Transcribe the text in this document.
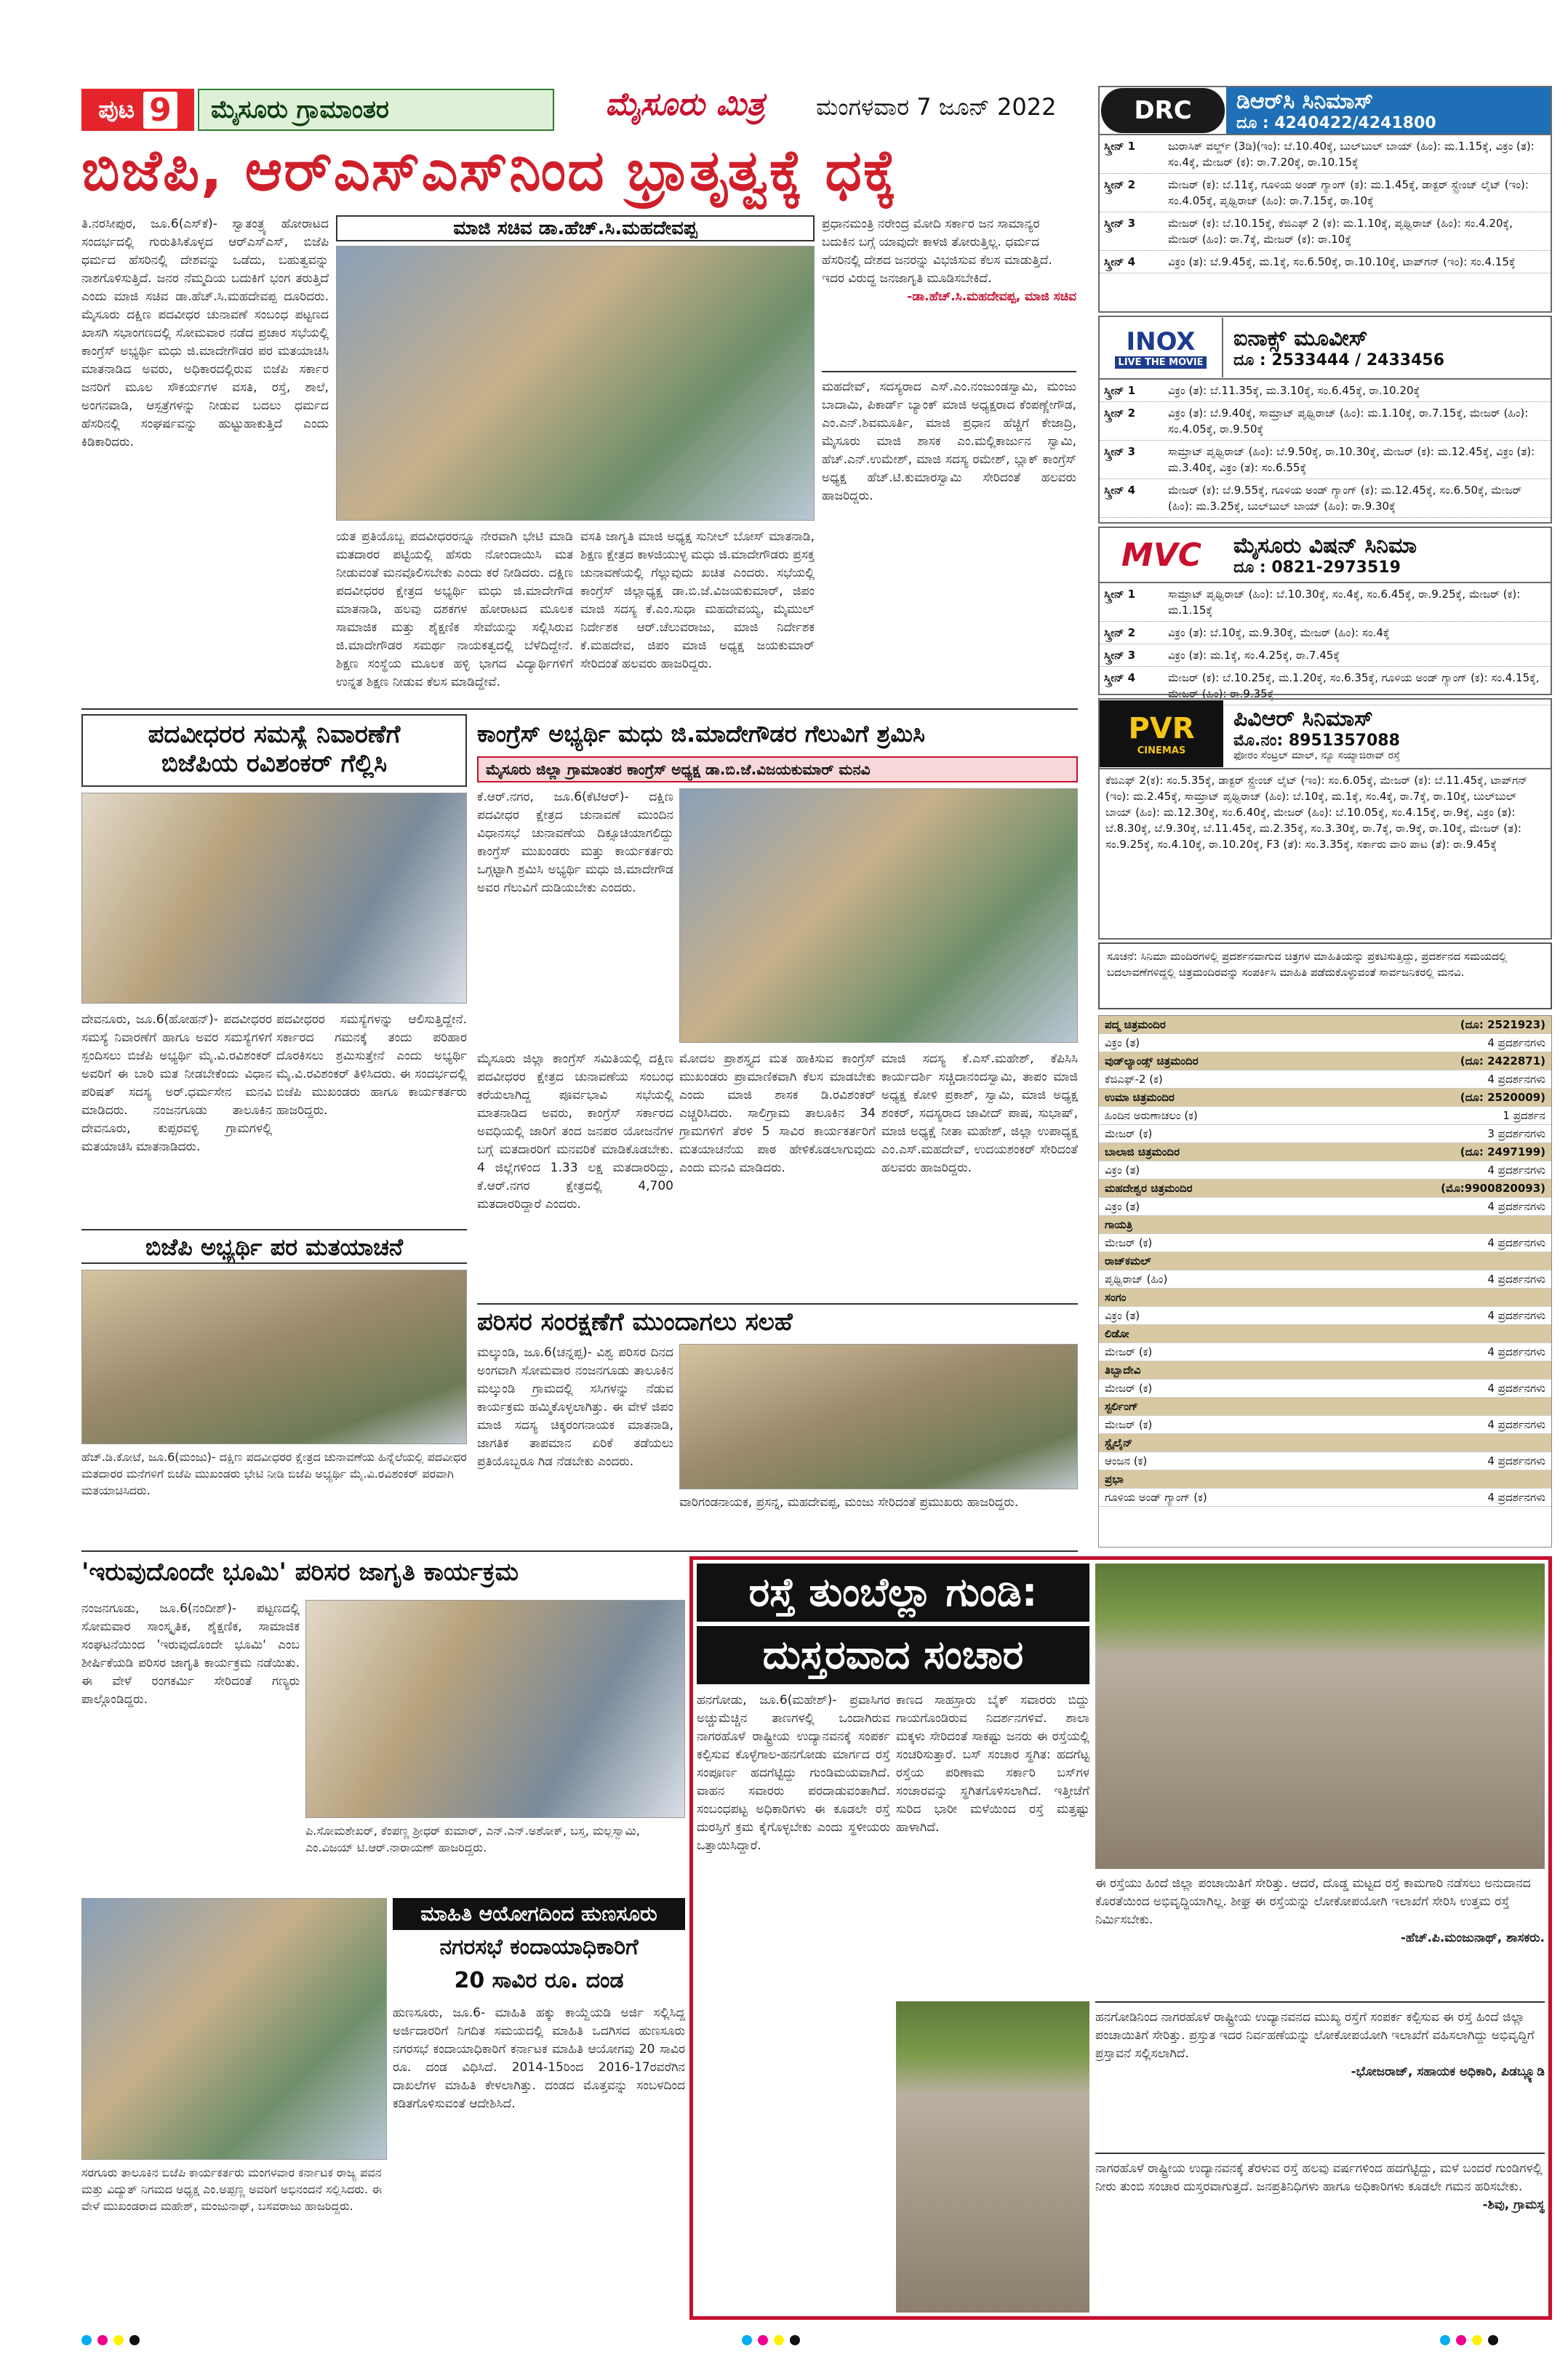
ಪುಟ 9	ಮೈಸೂರು ಗ್ರಾಮಾಂತರ	ಮೈಸೂರು ಮಿತ್ರ ಮಂಗಳವಾರ 7 ಜೂನ್ 2022
ಬಿಜೆಪಿ, ಆರ್‌ಎಸ್‌ಎಸ್‌ನಿಂದ ಭ್ರಾತೃತ್ವಕ್ಕೆ ಧಕ್ಕೆ
ಮಾಜಿ ಸಚಿವ ಡಾ.ಹೆಚ್.ಸಿ.ಮಹದೇವಪ್ಪ
ತಿ.ನರಸೀಪುರ, ಜೂ.6(ಎಸ್‌ಕೆ)- ಸ್ವಾತಂತ್ರ್ಯ ಹೋರಾಟದ ಸಂದರ್ಭದಲ್ಲಿ ಗುರುತಿಸಿಕೊಳ್ಳದ ಆರ್‌ಎಸ್‌ಎಸ್, ಬಿಜೆಪಿ ಧರ್ಮದ ಹೆಸರಿನಲ್ಲಿ ದೇಶವನ್ನು ಒಡೆದು, ಬಹುತ್ವವನ್ನು ನಾಶಗೊಳಿಸುತ್ತಿದೆ. ಜನರ ನೆಮ್ಮದಿಯ ಬದುಕಿಗೆ ಭಂಗ ತರುತ್ತಿದೆ ಎಂದು ಮಾಜಿ ಸಚಿವ ಡಾ.ಹೆಚ್.ಸಿ.ಮಹದೇವಪ್ಪ ದೂರಿದರು. ಮೈಸೂರು ದಕ್ಷಿಣ ಪದವೀಧರ ಚುನಾವಣೆ ಸಂಬಂಧ ಪಟ್ಟಣದ ಖಾಸಗಿ ಸಭಾಂಗಣದಲ್ಲಿ ಸೋಮವಾರ ನಡೆದ ಪ್ರಚಾರ ಸಭೆಯಲ್ಲಿ ಕಾಂಗ್ರೆಸ್ ಅಭ್ಯರ್ಥಿ ಮಧು ಜಿ.ಮಾದೇಗೌಡರ ಪರ ಮತಯಾಚಿಸಿ ಮಾತನಾಡಿದ ಅವರು, ಅಧಿಕಾರದಲ್ಲಿರುವ ಬಿಜೆಪಿ ಸರ್ಕಾರ ಜನರಿಗೆ ಮೂಲ ಸೌಕರ್ಯಗಳ ವಸತಿ, ರಸ್ತೆ, ಶಾಲೆ, ಅಂಗನವಾಡಿ, ಆಸ್ಪತ್ರೆಗಳನ್ನು ನೀಡುವ ಬದಲು ಧರ್ಮದ ಹೆಸರಿನಲ್ಲಿ ಸಂಘರ್ಷವನ್ನು ಹುಟ್ಟುಹಾಕುತ್ತಿದೆ ಎಂದು ಕಿಡಿಕಾರಿದರು.
ಯತ ಪ್ರತಿಯೊಬ್ಬ ಪದವೀಧರರನ್ನೂ ನೇರವಾಗಿ ಭೇಟಿ ಮಾಡಿ ಮತದಾರರ ಪಟ್ಟಿಯಲ್ಲಿ ಹೆಸರು ನೋಂದಾಯಿಸಿ ಮತ ನೀಡುವಂತೆ ಮನವೊಲಿಸಬೇಕು ಎಂದು ಕರೆ ನೀಡಿದರು. ದಕ್ಷಿಣ ಪದವೀಧರರ ಕ್ಷೇತ್ರದ ಅಭ್ಯರ್ಥಿ ಮಧು ಜಿ.ಮಾದೇಗೌಡ ಮಾತನಾಡಿ, ಹಲವು ದಶಕಗಳ ಹೋರಾಟದ ಮೂಲಕ ಸಾಮಾಜಿಕ ಮತ್ತು ಶೈಕ್ಷಣಿಕ ಸೇವೆಯನ್ನು ಸಲ್ಲಿಸಿರುವ ಜಿ.ಮಾದೇಗೌಡರ ಸಮರ್ಥ ನಾಯಕತ್ವದಲ್ಲಿ ಬೆಳೆದಿದ್ದೇನೆ. ಶಿಕ್ಷಣ ಸಂಸ್ಥೆಯ ಮೂಲಕ ಹಳ್ಳಿ ಭಾಗದ ವಿದ್ಯಾರ್ಥಿಗಳಿಗೆ ಉನ್ನತ ಶಿಕ್ಷಣ ನೀಡುವ ಕೆಲಸ ಮಾಡಿದ್ದೇವೆ.
ವಸತಿ ಜಾಗೃತಿ ಮಾಜಿ ಅಧ್ಯಕ್ಷ ಸುನೀಲ್ ಬೋಸ್ ಮಾತನಾಡಿ, ಶಿಕ್ಷಣ ಕ್ಷೇತ್ರದ ಕಾಳಜಿಯುಳ್ಳ ಮಧು ಜಿ.ಮಾದೇಗೌಡರು ಪ್ರಸಕ್ತ ಚುನಾವಣೆಯಲ್ಲಿ ಗೆಲ್ಲುವುದು ಖಚಿತ ಎಂದರು. ಸಭೆಯಲ್ಲಿ ಕಾಂಗ್ರೆಸ್ ಜಿಲ್ಲಾಧ್ಯಕ್ಷ ಡಾ.ಬಿ.ಜೆ.ವಿಜಯಕುಮಾರ್, ಜಿಪಂ ಮಾಜಿ ಸದಸ್ಯ ಕೆ.ಎಂ.ಸುಧಾ ಮಹದೇವಯ್ಯ, ಮೈಮುಲ್ ನಿರ್ದೇಶಕ ಆರ್.ಚೆಲುವರಾಜು, ಮಾಜಿ ನಿರ್ದೇಶಕ ಕೆ.ಮಹದೇವ, ಜಿಪಂ ಮಾಜಿ ಅಧ್ಯಕ್ಷ ಜಯಕುಮಾರ್ ಸೇರಿದಂತೆ ಹಲವರು ಹಾಜರಿದ್ದರು.
ಪ್ರಧಾನಮಂತ್ರಿ ನರೇಂದ್ರ ಮೋದಿ ಸರ್ಕಾರ ಜನ ಸಾಮಾನ್ಯರ ಬದುಕಿನ ಬಗ್ಗೆ ಯಾವುದೇ ಕಾಳಜಿ ತೋರುತ್ತಿಲ್ಲ. ಧರ್ಮದ ಹೆಸರಿನಲ್ಲಿ ದೇಶದ ಜನರನ್ನು ವಿಭಜಿಸುವ ಕೆಲಸ ಮಾಡುತ್ತಿದೆ. ಇದರ ವಿರುದ್ಧ ಜನಜಾಗೃತಿ ಮೂಡಿಸಬೇಕಿದೆ.
-ಡಾ.ಹೆಚ್.ಸಿ.ಮಹದೇವಪ್ಪ, ಮಾಜಿ ಸಚಿವ
ಮಹದೇವ್, ಸದಸ್ಯರಾದ ಎಸ್.ಎಂ.ನಂಜುಂಡಸ್ವಾಮಿ, ಮಂಜು ಬಾದಾಮಿ, ಪಿಕಾರ್ಡ್ ಬ್ಯಾಂಕ್ ಮಾಜಿ ಅಧ್ಯಕ್ಷರಾದ ಕೆಂಪಣ್ಣೇಗೌಡ, ಎಂ.ಎನ್.ಶಿವಮೂರ್ತಿ, ಮಾಜಿ ಪ್ರಧಾನ ಹೆಚ್ಚಿಗೆ ಕೇಜಾದ್ರಿ, ಮೈಸೂರು ಮಾಜಿ ಶಾಸಕ ಎಂ.ಮಲ್ಲಿಕಾರ್ಜುನ ಸ್ವಾಮಿ, ಹೆಚ್.ಎನ್.ಉಮೇಶ್, ಮಾಜಿ ಸದಸ್ಯ ರಮೇಶ್, ಬ್ಲಾಕ್ ಕಾಂಗ್ರೆಸ್ ಅಧ್ಯಕ್ಷ ಹೆಚ್.ಟಿ.ಕುಮಾರಸ್ವಾಮಿ ಸೇರಿದಂತೆ ಹಲವರು ಹಾಜರಿದ್ದರು.
ಪದವೀಧರರ ಸಮಸ್ಯೆ ನಿವಾರಣೆಗೆ
ಬಿಜೆಪಿಯ ರವಿಶಂಕರ್ ಗೆಲ್ಲಿಸಿ
ದೇವನೂರು, ಜೂ.6(ಹೋಹನ್)- ಪದವೀಧರರ ಸಮಸ್ಯೆ ನಿವಾರಣೆಗೆ ಹಾಗೂ ಅವರ ಸಮಸ್ಯೆಗಳಿಗೆ ಸ್ಪಂದಿಸಲು ಬಿಜೆಪಿ ಅಭ್ಯರ್ಥಿ ಮೈ.ವಿ.ರವಿಶಂಕರ್ ಅವರಿಗೆ ಈ ಬಾರಿ ಮತ ನೀಡಬೇಕೆಂದು ವಿಧಾನ ಪರಿಷತ್ ಸದಸ್ಯ ಅರ್.ಧರ್ಮಸೇನ ಮನವಿ ಮಾಡಿದರು. ನಂಜನಗೂಡು ತಾಲೂಕಿನ ದೇವನೂರು, ಕುಪ್ಪರವಳ್ಳಿ ಗ್ರಾಮಗಳಲ್ಲಿ ಮತಯಾಚಿಸಿ ಮಾತನಾಡಿದರು.
ಪದವೀಧರರ ಸಮಸ್ಯೆಗಳನ್ನು ಆಲಿಸುತ್ತಿದ್ದೇನೆ. ಸರ್ಕಾರದ ಗಮನಕ್ಕೆ ತಂದು ಪರಿಹಾರ ದೊರಕಿಸಲು ಶ್ರಮಿಸುತ್ತೇನೆ ಎಂದು ಅಭ್ಯರ್ಥಿ ಮೈ.ವಿ.ರವಿಶಂಕರ್ ತಿಳಿಸಿದರು. ಈ ಸಂದರ್ಭದಲ್ಲಿ ಬಿಜೆಪಿ ಮುಖಂಡರು ಹಾಗೂ ಕಾರ್ಯಕರ್ತರು ಹಾಜರಿದ್ದರು.
ಬಿಜೆಪಿ ಅಭ್ಯರ್ಥಿ ಪರ ಮತಯಾಚನೆ
ಹೆಚ್.ಡಿ.ಕೋಟೆ, ಜೂ.6(ಮಂಜು)- ದಕ್ಷಿಣ ಪದವೀಧರರ ಕ್ಷೇತ್ರದ ಚುನಾವಣೆಯ ಹಿನ್ನೆಲೆಯಲ್ಲಿ ಪದವೀಧರ ಮತದಾರರ ಮನೆಗಳಿಗೆ ಬಿಜೆಪಿ ಮುಖಂಡರು ಭೇಟಿ ನೀಡಿ ಬಿಜೆಪಿ ಅಭ್ಯರ್ಥಿ ಮೈ.ವಿ.ರವಿಶಂಕರ್ ಪರವಾಗಿ ಮತಯಾಚಿಸಿದರು.
ಕಾಂಗ್ರೆಸ್ ಅಭ್ಯರ್ಥಿ ಮಧು ಜಿ.ಮಾದೇಗೌಡರ ಗೆಲುವಿಗೆ ಶ್ರಮಿಸಿ
ಮೈಸೂರು ಜಿಲ್ಲಾ ಗ್ರಾಮಾಂತರ ಕಾಂಗ್ರೆಸ್ ಅಧ್ಯಕ್ಷ ಡಾ.ಬಿ.ಜೆ.ವಿಜಯಕುಮಾರ್ ಮನವಿ
ಕೆ.ಆರ್.ನಗರ, ಜೂ.6(ಕೆಟಿಆರ್)- ದಕ್ಷಿಣ ಪದವೀಧರ ಕ್ಷೇತ್ರದ ಚುನಾವಣೆ ಮುಂದಿನ ವಿಧಾನಸಭೆ ಚುನಾವಣೆಯ ದಿಕ್ಸೂಚಿಯಾಗಲಿದ್ದು ಕಾಂಗ್ರೆಸ್ ಮುಖಂಡರು ಮತ್ತು ಕಾರ್ಯಕರ್ತರು ಒಗ್ಗಟ್ಟಾಗಿ ಶ್ರಮಿಸಿ ಅಭ್ಯರ್ಥಿ ಮಧು ಜಿ.ಮಾದೇಗೌಡ ಅವರ ಗೆಲುವಿಗೆ ದುಡಿಯಬೇಕು ಎಂದರು.
ಮೈಸೂರು ಜಿಲ್ಲಾ ಕಾಂಗ್ರೆಸ್ ಸಮಿತಿಯಲ್ಲಿ ದಕ್ಷಿಣ ಪದವೀಧರರ ಕ್ಷೇತ್ರದ ಚುನಾವಣೆಯ ಸಂಬಂಧ ಕರೆಯಲಾಗಿದ್ದ ಪೂರ್ವಭಾವಿ ಸಭೆಯಲ್ಲಿ ಮಾತನಾಡಿದ ಅವರು, ಕಾಂಗ್ರೆಸ್ ಸರ್ಕಾರದ ಅವಧಿಯಲ್ಲಿ ಜಾರಿಗೆ ತಂದ ಜನಪರ ಯೋಜನೆಗಳ ಬಗ್ಗೆ ಮತದಾರರಿಗೆ ಮನವರಿಕೆ ಮಾಡಿಕೊಡಬೇಕು. 4 ಜಿಲ್ಲೆಗಳಿಂದ 1.33 ಲಕ್ಷ ಮತದಾರರಿದ್ದು, ಕೆ.ಆರ್.ನಗರ ಕ್ಷೇತ್ರದಲ್ಲಿ 4,700 ಮತದಾರರಿದ್ದಾರೆ ಎಂದರು.
ಮೋದಲ ಪ್ರಾಶಸ್ತ್ಯದ ಮತ ಹಾಕಿಸುವ ಕಾಂಗ್ರೆಸ್ ಮುಖಂಡರು ಪ್ರಾಮಾಣಿಕವಾಗಿ ಕೆಲಸ ಮಾಡಬೇಕು ಎಂದು ಮಾಜಿ ಶಾಸಕ ಡಿ.ರವಿಶಂಕರ್ ಎಚ್ಚರಿಸಿದರು. ಸಾಲಿಗ್ರಾಮ ತಾಲೂಕಿನ 34 ಗ್ರಾಮಗಳಿಗೆ ತೆರಳಿ 5 ಸಾವಿರ ಕಾರ್ಯಕರ್ತರಿಗೆ ಮತಯಾಚನೆಯ ಪಾಠ ಹೇಳಿಕೊಡಲಾಗುವುದು ಎಂದು ಮನವಿ ಮಾಡಿದರು.
ಮಾಜಿ ಸದಸ್ಯ ಕೆ.ಎಸ್.ಮಹೇಶ್, ಕೆಪಿಸಿಸಿ ಕಾರ್ಯದರ್ಶಿ ಸಚ್ಚಿದಾನಂದಸ್ವಾಮಿ, ತಾಪಂ ಮಾಜಿ ಅಧ್ಯಕ್ಷ ಕೋಳಿ ಪ್ರಕಾಶ್, ಸ್ವಾಮಿ, ಮಾಜಿ ಅಧ್ಯಕ್ಷ ಶಂಕರ್, ಸದಸ್ಯರಾದ ಜಾವೀದ್ ಪಾಷ, ಸುಭಾಷ್, ಮಾಜಿ ಅಧ್ಯಕ್ಷೆ ನೀತಾ ಮಹೇಶ್, ಜಿಲ್ಲಾ ಉಪಾಧ್ಯಕ್ಷ ಎಂ.ಎಸ್.ಮಹದೇವ್, ಉದಯಶಂಕರ್ ಸೇರಿದಂತೆ ಹಲವರು ಹಾಜರಿದ್ದರು.
ಪರಿಸರ ಸಂರಕ್ಷಣೆಗೆ ಮುಂದಾಗಲು ಸಲಹೆ
ಮಲ್ಕುಂಡಿ, ಜೂ.6(ಚನ್ನಪ್ಪ)- ವಿಶ್ವ ಪರಿಸರ ದಿನದ ಅಂಗವಾಗಿ ಸೋಮವಾರ ನಂಜನಗೂಡು ತಾಲೂಕಿನ ಮಲ್ಕುಂಡಿ ಗ್ರಾಮದಲ್ಲಿ ಸಸಿಗಳನ್ನು ನೆಡುವ ಕಾರ್ಯಕ್ರಮ ಹಮ್ಮಿಕೊಳ್ಳಲಾಗಿತ್ತು. ಈ ವೇಳೆ ಜಿಪಂ ಮಾಜಿ ಸದಸ್ಯ ಚಿಕ್ಕರಂಗನಾಯಕ ಮಾತನಾಡಿ, ಜಾಗತಿಕ ತಾಪಮಾನ ಏರಿಕೆ ತಡೆಯಲು ಪ್ರತಿಯೊಬ್ಬರೂ ಗಿಡ ನೆಡಬೇಕು ಎಂದರು.
ವಾರಿಗಂಡನಾಯಕ, ಪ್ರಸನ್ನ, ಮಹದೇವಪ್ಪ, ಮಂಜು ಸೇರಿದಂತೆ ಪ್ರಮುಖರು ಹಾಜರಿದ್ದರು.
'ಇರುವುದೊಂದೇ ಭೂಮಿ' ಪರಿಸರ ಜಾಗೃತಿ ಕಾರ್ಯಕ್ರಮ
ನಂಜನಗೂಡು, ಜೂ.6(ನಂದೀಶ್)- ಪಟ್ಟಣದಲ್ಲಿ ಸೋಮವಾರ ಸಾಂಸ್ಕೃತಿಕ, ಶೈಕ್ಷಣಿಕ, ಸಾಮಾಜಿಕ ಸಂಘಟನೆಯಿಂದ 'ಇರುವುದೊಂದೇ ಭೂಮಿ' ಎಂಬ ಶೀರ್ಷಿಕೆಯಡಿ ಪರಿಸರ ಜಾಗೃತಿ ಕಾರ್ಯಕ್ರಮ ನಡೆಯಿತು. ಈ ವೇಳೆ ರಂಗಕರ್ಮಿ ಸೇರಿದಂತೆ ಗಣ್ಯರು ಪಾಲ್ಗೊಂಡಿದ್ದರು.
ಪಿ.ಸೋಮಶೇಖರ್, ಕೆಂಪಣ್ಣ ಶ್ರೀಧರ್ ಕುಮಾರ್, ಎನ್.ಎನ್.ಅಶೋಕ್, ಬಸ್ತ, ಮಲ್ಲಸ್ವಾಮಿ, ಎಂ.ವಿಜಯ್ ಟಿ.ಆರ್.ನಾರಾಯಣ್ ಹಾಜರಿದ್ದರು.
ಸರಗೂರು ತಾಲೂಕಿನ ಬಿಜೆಪಿ ಕಾರ್ಯಕರ್ತರು ಮಂಗಳವಾರ ಕರ್ನಾಟಕ ರಾಜ್ಯ ಪವನ ಮತ್ತು ವಿದ್ಯುತ್ ನಿಗಮದ ಅಧ್ಯಕ್ಷ ಎಂ.ಅಪ್ಪಣ್ಣ ಅವರಿಗೆ ಅಭಿನಂದನೆ ಸಲ್ಲಿಸಿದರು. ಈ ವೇಳೆ ಮುಖಂಡರಾದ ಮಹೇಶ್, ಮಂಜುನಾಥ್, ಬಸವರಾಜು ಹಾಜರಿದ್ದರು.
ಮಾಹಿತಿ ಆಯೋಗದಿಂದ ಹುಣಸೂರು
ನಗರಸಭೆ ಕಂದಾಯಾಧಿಕಾರಿಗೆ
20 ಸಾವಿರ ರೂ. ದಂಡ
ಹುಣಸೂರು, ಜೂ.6- ಮಾಹಿತಿ ಹಕ್ಕು ಕಾಯ್ದೆಯಡಿ ಅರ್ಜಿ ಸಲ್ಲಿಸಿದ್ದ ಅರ್ಜಿದಾರರಿಗೆ ನಿಗದಿತ ಸಮಯದಲ್ಲಿ ಮಾಹಿತಿ ಒದಗಿಸದ ಹುಣಸೂರು ನಗರಸಭೆ ಕಂದಾಯಾಧಿಕಾರಿಗೆ ಕರ್ನಾಟಕ ಮಾಹಿತಿ ಆಯೋಗವು 20 ಸಾವಿರ ರೂ. ದಂಡ ವಿಧಿಸಿದೆ. 2014-15ರಿಂದ 2016-17ರವರೆಗಿನ ದಾಖಲೆಗಳ ಮಾಹಿತಿ ಕೇಳಲಾಗಿತ್ತು. ದಂಡದ ಮೊತ್ತವನ್ನು ಸಂಬಳದಿಂದ ಕಡಿತಗೊಳಿಸುವಂತೆ ಆದೇಶಿಸಿದೆ.
ರಸ್ತೆ ತುಂಬೆಲ್ಲಾ ಗುಂಡಿ:
ದುಸ್ತರವಾದ ಸಂಚಾರ
ಹನಗೋಡು, ಜೂ.6(ಮಹೇಶ್)- ಪ್ರವಾಸಿಗರ ಅಚ್ಚುಮೆಚ್ಚಿನ ತಾಣಗಳಲ್ಲಿ ಒಂದಾಗಿರುವ ನಾಗರಹೊಳೆ ರಾಷ್ಟ್ರೀಯ ಉದ್ಯಾನವನಕ್ಕೆ ಸಂಪರ್ಕ ಕಲ್ಪಿಸುವ ಕೊಳ್ಳೆಗಾಲ-ಹನಗೋಡು ಮಾರ್ಗದ ರಸ್ತೆ ಸಂಪೂರ್ಣ ಹದಗೆಟ್ಟಿದ್ದು ಗುಂಡಿಮಯವಾಗಿದೆ. ವಾಹನ ಸವಾರರು ಪರದಾಡುವಂತಾಗಿದೆ. ಸಂಬಂಧಪಟ್ಟ ಅಧಿಕಾರಿಗಳು ಈ ಕೂಡಲೇ ರಸ್ತೆ ದುರಸ್ತಿಗೆ ಕ್ರಮ ಕೈಗೊಳ್ಳಬೇಕು ಎಂದು ಸ್ಥಳೀಯರು ಒತ್ತಾಯಿಸಿದ್ದಾರೆ.
ಕಾಣದ ಸಾಹಸ್ರಾರು ಬೈಕ್ ಸವಾರರು ಬಿದ್ದು ಗಾಯಗೊಂಡಿರುವ ನಿದರ್ಶನಗಳಿವೆ. ಶಾಲಾ ಮಕ್ಕಳು ಸೇರಿದಂತೆ ಸಾಕಷ್ಟು ಜನರು ಈ ರಸ್ತೆಯಲ್ಲಿ ಸಂಚರಿಸುತ್ತಾರೆ. ಬಸ್ ಸಂಚಾರ ಸ್ಥಗಿತ: ಹದಗೆಟ್ಟ ರಸ್ತೆಯ ಪರಿಣಾಮ ಸರ್ಕಾರಿ ಬಸ್‌ಗಳ ಸಂಚಾರವನ್ನು ಸ್ಥಗಿತಗೊಳಿಸಲಾಗಿದೆ. ಇತ್ತೀಚೆಗೆ ಸುರಿದ ಭಾರೀ ಮಳೆಯಿಂದ ರಸ್ತೆ ಮತ್ತಷ್ಟು ಹಾಳಾಗಿದೆ.
ಈ ರಸ್ತೆಯು ಹಿಂದೆ ಜಿಲ್ಲಾ ಪಂಚಾಯಿತಿಗೆ ಸೇರಿತ್ತು. ಆದರೆ, ದೊಡ್ಡ ಮಟ್ಟದ ರಸ್ತೆ ಕಾಮಗಾರಿ ನಡೆಸಲು ಅನುದಾನದ ಕೊರತೆಯಿಂದ ಅಭಿವೃದ್ಧಿಯಾಗಿಲ್ಲ. ಶೀಘ್ರ ಈ ರಸ್ತೆಯನ್ನು ಲೋಕೋಪಯೋಗಿ ಇಲಾಖೆಗೆ ಸೇರಿಸಿ ಉತ್ತಮ ರಸ್ತೆ ನಿರ್ಮಿಸಬೇಕು.
-ಹೆಚ್.ಪಿ.ಮಂಜುನಾಥ್, ಶಾಸಕರು.
ಹನಗೋಡಿನಿಂದ ನಾಗರಹೊಳೆ ರಾಷ್ಟ್ರೀಯ ಉದ್ಯಾನವನದ ಮುಖ್ಯ ರಸ್ತೆಗೆ ಸಂಪರ್ಕ ಕಲ್ಪಿಸುವ ಈ ರಸ್ತೆ ಹಿಂದೆ ಜಿಲ್ಲಾ ಪಂಚಾಯಿತಿಗೆ ಸೇರಿತ್ತು. ಪ್ರಸ್ತುತ ಇದರ ನಿರ್ವಹಣೆಯನ್ನು ಲೋಕೋಪಯೋಗಿ ಇಲಾಖೆಗೆ ವಹಿಸಲಾಗಿದ್ದು ಅಭಿವೃದ್ಧಿಗೆ ಪ್ರಸ್ತಾವನೆ ಸಲ್ಲಿಸಲಾಗಿದೆ.
-ಭೋಜರಾಜ್, ಸಹಾಯಕ ಅಧಿಕಾರಿ, ಪಿಡಬ್ಲ್ಯೂಡಿ
ನಾಗರಹೊಳೆ ರಾಷ್ಟ್ರೀಯ ಉದ್ಯಾನವನಕ್ಕೆ ತೆರಳುವ ರಸ್ತೆ ಹಲವು ವರ್ಷಗಳಿಂದ ಹದಗೆಟ್ಟಿದ್ದು, ಮಳೆ ಬಂದರೆ ಗುಂಡಿಗಳಲ್ಲಿ ನೀರು ತುಂಬಿ ಸಂಚಾರ ದುಸ್ತರವಾಗುತ್ತದೆ. ಜನಪ್ರತಿನಿಧಿಗಳು ಹಾಗೂ ಅಧಿಕಾರಿಗಳು ಕೂಡಲೇ ಗಮನ ಹರಿಸಬೇಕು.
-ಶಿವು, ಗ್ರಾಮಸ್ಥ
DRC	ಡಿಆರ್‌ಸಿ ಸಿನಿಮಾಸ್
ದೂ : 4240422/4241800
ಸ್ಕ್ರೀನ್ 1	ಜುರಾಸಿಕ್ ವರ್ಲ್ಡ್ (3ಡಿ)(ಇಂ): ಬೆ.10.40ಕ್ಕೆ, ಬುಲ್‌ಬುಲ್ ಬಾಯ್ (ಹಿಂ): ಮ.1.15ಕ್ಕೆ, ವಿಕ್ರಂ (ತ): ಸಂ.4ಕ್ಕೆ, ಮೇಜರ್ (ಕ): ರಾ.7.20ಕ್ಕೆ, ರಾ.10.15ಕ್ಕೆ
ಸ್ಕ್ರೀನ್ 2	ಮೇಜರ್ (ಕ): ಬೆ.11ಕ್ಕೆ, ಗೂಳಿಯ ಅಂಡ್ ಗ್ಯಾಂಗ್ (ಕ): ಮ.1.45ಕ್ಕೆ, ಡಾಕ್ಟರ್ ಸ್ಟ್ರೇಂಜ್ ಲೈಟ್ (ಇಂ): ಸಂ.4.05ಕ್ಕೆ, ಪೃಥ್ವಿರಾಜ್ (ಹಿಂ): ರಾ.7.15ಕ್ಕೆ, ರಾ.10ಕ್ಕೆ
ಸ್ಕ್ರೀನ್ 3	ಮೇಜರ್ (ಕ): ಬೆ.10.15ಕ್ಕೆ, ಕೆಜಿಎಫ್ 2 (ಕ): ಮ.1.10ಕ್ಕೆ, ಪೃಥ್ವಿರಾಜ್ (ಹಿಂ): ಸಂ.4.20ಕ್ಕೆ, ಮೇಜರ್ (ಹಿಂ): ರಾ.7ಕ್ಕೆ, ಮೇಜರ್ (ಕ): ರಾ.10ಕ್ಕೆ
ಸ್ಕ್ರೀನ್ 4	ವಿಕ್ರಂ (ತ): ಬೆ.9.45ಕ್ಕೆ, ಮ.1ಕ್ಕೆ, ಸಂ.6.50ಕ್ಕೆ, ರಾ.10.10ಕ್ಕೆ, ಟಾಪ್‌ಗನ್ (ಇಂ): ಸಂ.4.15ಕ್ಕೆ
INOX
LIVE THE MOVIE
ಐನಾಕ್ಸ್ ಮೂವೀಸ್
ದೂ : 2533444 / 2433456
ಸ್ಕ್ರೀನ್ 1	ವಿಕ್ರಂ (ತ): ಬೆ.11.35ಕ್ಕೆ, ಮ.3.10ಕ್ಕೆ, ಸಂ.6.45ಕ್ಕೆ, ರಾ.10.20ಕ್ಕೆ
ಸ್ಕ್ರೀನ್ 2	ವಿಕ್ರಂ (ತ): ಬೆ.9.40ಕ್ಕೆ, ಸಾಮ್ರಾಟ್ ಪೃಥ್ವಿರಾಜ್ (ಹಿಂ): ಮ.1.10ಕ್ಕೆ, ರಾ.7.15ಕ್ಕೆ, ಮೇಜರ್ (ಹಿಂ): ಸಂ.4.05ಕ್ಕೆ, ರಾ.9.50ಕ್ಕೆ
ಸ್ಕ್ರೀನ್ 3	ಸಾಮ್ರಾಟ್ ಪೃಥ್ವಿರಾಜ್ (ಹಿಂ): ಬೆ.9.50ಕ್ಕೆ, ರಾ.10.30ಕ್ಕೆ, ಮೇಜರ್ (ಕ): ಮ.12.45ಕ್ಕೆ, ವಿಕ್ರಂ (ತ): ಮ.3.40ಕ್ಕೆ, ವಿಕ್ರಂ (ತ): ಸಂ.6.55ಕ್ಕೆ
ಸ್ಕ್ರೀನ್ 4	ಮೇಜರ್ (ಕ): ಬೆ.9.55ಕ್ಕೆ, ಗೂಳಿಯ ಅಂಡ್ ಗ್ಯಾಂಗ್ (ಕ): ಮ.12.45ಕ್ಕೆ, ಸಂ.6.50ಕ್ಕೆ, ಮೇಜರ್ (ಹಿಂ): ಮ.3.25ಕ್ಕೆ, ಬುಲ್‌ಬುಲ್ ಬಾಯ್ (ಹಿಂ): ರಾ.9.30ಕ್ಕೆ
MVC	ಮೈಸೂರು ವಿಷನ್ ಸಿನಿಮಾ
ದೂ : 0821-2973519
ಸ್ಕ್ರೀನ್ 1	ಸಾಮ್ರಾಟ್ ಪೃಥ್ವಿರಾಜ್ (ಹಿಂ): ಬೆ.10.30ಕ್ಕೆ, ಸಂ.4ಕ್ಕೆ, ಸಂ.6.45ಕ್ಕೆ, ರಾ.9.25ಕ್ಕೆ, ಮೇಜರ್ (ಕ): ಮ.1.15ಕ್ಕೆ
ಸ್ಕ್ರೀನ್ 2	ವಿಕ್ರಂ (ತ): ಬೆ.10ಕ್ಕೆ, ಮ.9.30ಕ್ಕೆ, ಮೇಜರ್ (ಹಿಂ): ಸಂ.4ಕ್ಕೆ
ಸ್ಕ್ರೀನ್ 3	ವಿಕ್ರಂ (ತ): ಮ.1ಕ್ಕೆ, ಸಂ.4.25ಕ್ಕೆ, ರಾ.7.45ಕ್ಕೆ
ಸ್ಕ್ರೀನ್ 4	ಮೇಜರ್ (ಕ): ಬೆ.10.25ಕ್ಕೆ, ಮ.1.20ಕ್ಕೆ, ಸಂ.6.35ಕ್ಕೆ, ಗೂಳಿಯ ಅಂಡ್ ಗ್ಯಾಂಗ್ (ಕ): ಸಂ.4.15ಕ್ಕೆ, ಮೇಜರ್ (ಹಿಂ): ರಾ.9.35ಕ್ಕೆ
PVR
CINEMAS
ಪಿವಿಆರ್ ಸಿನಿಮಾಸ್
ಮೊ.ನಂ: 8951357088
ಫೋರಂ ಸೆಂಟ್ರಲ್ ಮಾಲ್, ನ್ಯೂ ಸಯ್ಯಾಜಿರಾವ್ ರಸ್ತೆ
ಕೆಜಿಎಫ್ 2(ಕ): ಸಂ.5.35ಕ್ಕೆ, ಡಾಕ್ಟರ್ ಸ್ಟ್ರೇಂಜ್ ಲೈಟ್ (ಇಂ): ಸಂ.6.05ಕ್ಕೆ, ಮೇಜರ್ (ಕ): ಬೆ.11.45ಕ್ಕೆ, ಟಾಪ್‌ಗನ್ (ಇಂ): ಮ.2.45ಕ್ಕೆ, ಸಾಮ್ರಾಟ್ ಪೃಥ್ವಿರಾಜ್ (ಹಿಂ): ಬೆ.10ಕ್ಕೆ, ಮ.1ಕ್ಕೆ, ಸಂ.4ಕ್ಕೆ, ರಾ.7ಕ್ಕೆ, ರಾ.10ಕ್ಕೆ, ಬುಲ್‌ಬುಲ್ ಬಾಯ್ (ಹಿಂ): ಮ.12.30ಕ್ಕೆ, ಸಂ.6.40ಕ್ಕೆ, ಮೇಜರ್ (ಹಿಂ): ಬೆ.10.05ಕ್ಕೆ, ಸಂ.4.15ಕ್ಕೆ, ರಾ.9ಕ್ಕೆ, ವಿಕ್ರಂ (ತ): ಬೆ.8.30ಕ್ಕೆ, ಬೆ.9.30ಕ್ಕೆ, ಬೆ.11.45ಕ್ಕೆ, ಮ.2.35ಕ್ಕೆ, ಸಂ.3.30ಕ್ಕೆ, ರಾ.7ಕ್ಕೆ, ರಾ.9ಕ್ಕೆ, ರಾ.10ಕ್ಕೆ, ಮೇಜರ್ (ತ): ಸಂ.9.25ಕ್ಕೆ, ಸಂ.4.10ಕ್ಕೆ, ರಾ.10.20ಕ್ಕೆ, F3 (ತೆ): ಸಂ.3.35ಕ್ಕೆ, ಸರ್ಕಾರು ವಾರಿ ಪಾಟ (ತೆ): ರಾ.9.45ಕ್ಕೆ
ಸೂಚನೆ: ಸಿನಿಮಾ ಮಂದಿರಗಳಲ್ಲಿ ಪ್ರದರ್ಶನವಾಗುವ ಚಿತ್ರಗಳ ಮಾಹಿತಿಯನ್ನು ಪ್ರಕಟಿಸುತ್ತಿದ್ದು, ಪ್ರದರ್ಶನದ ಸಮಯದಲ್ಲಿ ಬದಲಾವಣೆಗಳಿದ್ದಲ್ಲಿ ಚಿತ್ರಮಂದಿರವನ್ನು ಸಂಪರ್ಕಿಸಿ ಮಾಹಿತಿ ಪಡೆದುಕೊಳ್ಳುವಂತೆ ಸಾರ್ವಜನಿಕರಲ್ಲಿ ಮನವಿ.
ಪದ್ಮ ಚಿತ್ರಮಂದಿರ	(ದೂ: 2521923)
ವಿಕ್ರಂ (ತ)	4 ಪ್ರದರ್ಶನಗಳು
ವುಡ್‌ಲ್ಯಾಂಡ್ಸ್ ಚಿತ್ರಮಂದಿರ	(ದೂ: 2422871)
ಕೆಜಿಎಫ್-2 (ಕ)	4 ಪ್ರದರ್ಶನಗಳು
ಉಮಾ ಚಿತ್ರಮಂದಿರ	(ದೂ: 2520009)
ಹಿಂದಿನ ಅರುಣಾಚಲಂ (ಕ)	1 ಪ್ರದರ್ಶನ
ಮೇಜರ್ (ಕ)	3 ಪ್ರದರ್ಶನಗಳು
ಬಾಲಾಜಿ ಚಿತ್ರಮಂದಿರ	(ದೂ: 2497199)
ವಿಕ್ರಂ (ತ)	4 ಪ್ರದರ್ಶನಗಳು
ಮಹದೇಶ್ವರ ಚಿತ್ರಮಂದಿರ	(ಮೊ:9900820093)
ವಿಕ್ರಂ (ತ)	4 ಪ್ರದರ್ಶನಗಳು
ಗಾಯತ್ರಿ
ಮೇಜರ್ (ಕ)	4 ಪ್ರದರ್ಶನಗಳು
ರಾಜ್‌ಕಮಲ್
ಪೃಥ್ವಿರಾಜ್ (ಹಿಂ)	4 ಪ್ರದರ್ಶನಗಳು
ಸಂಗಂ
ವಿಕ್ರಂ (ತ)	4 ಪ್ರದರ್ಶನಗಳು
ಲಿಡೋ
ಮೇಜರ್ (ಕ)	4 ಪ್ರದರ್ಶನಗಳು
ತಿಬ್ಬಾದೇವಿ
ಮೇಜರ್ (ಕ)	4 ಪ್ರದರ್ಶನಗಳು
ಸ್ಟರ್ಲಿಂಗ್
ಮೇಜರ್ (ಕ)	4 ಪ್ರದರ್ಶನಗಳು
ಸ್ಟೈಲೈನ್
ಆಂಜನ (ಕ)	4 ಪ್ರದರ್ಶನಗಳು
ಪ್ರಭಾ
ಗೂಳಿಯ ಅಂಡ್ ಗ್ಯಾಂಗ್ (ಕ)	4 ಪ್ರದರ್ಶನಗಳು
